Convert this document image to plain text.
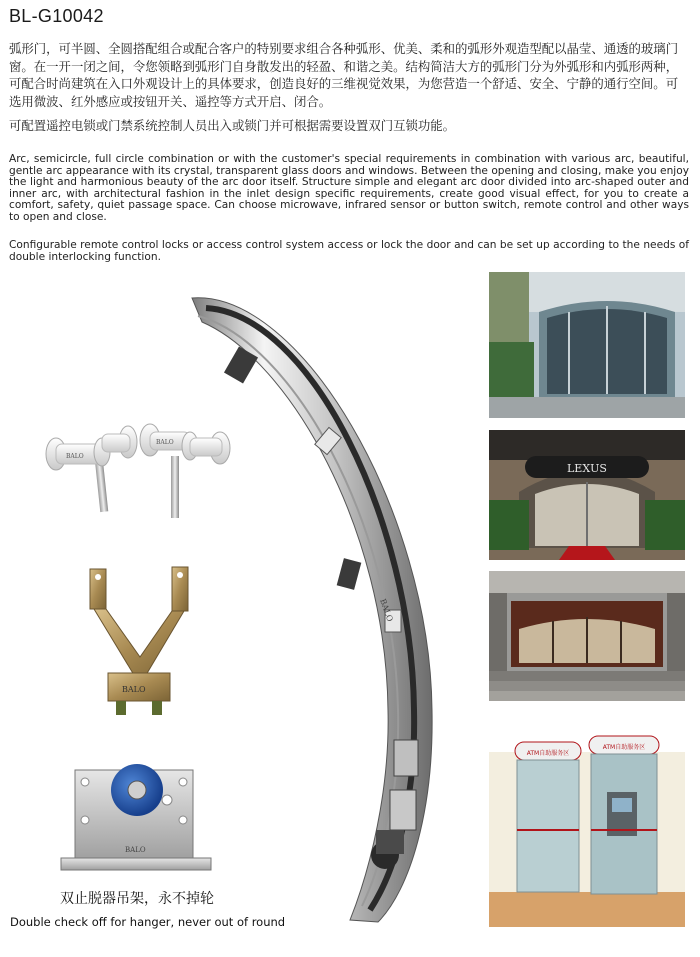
BL-G10042
弧形门，可半圆、全圆搭配组合或配合客户的特别要求组合各种弧形、优美、柔和的弧形外观造型配以晶莹、通透的玻璃门窗。在一开一闭之间，令您领略到弧形门自身散发出的轻盈、和谐之美。结构简洁大方的弧形门分为外弧形和内弧形两种，可配合时尚建筑在入口外观设计上的具体要求，创造良好的三维视觉效果，为您营造一个舒适、安全、宁静的通行空间。可选用微波、红外感应或按钮开关、遥控等方式开启、闭合。
可配置遥控电锁或门禁系统控制人员出入或锁门并可根据需要设置双门互锁功能。
Arc, semicircle, full circle combination or with the customer's special requirements in combination with various arc, beautiful, gentle arc appearance with its crystal, transparent glass doors and windows. Between the opening and closing, make you enjoy the light and harmonious beauty of the arc door itself. Structure simple and elegant arc door divided into arc-shaped outer and inner arc, with architectural fashion in the inlet design specific requirements, create good visual effect, for you to create a comfort, safety, quiet passage space. Can choose microwave, infrared sensor or button switch, remote control and other ways to open and close.
Configurable remote control locks or access control system access or lock the door and can be set up according to the needs of double interlocking function.
BALO
BALO
BALO
BALO
双止脱器吊架，永不掉轮
Double check off for hanger, never out of round
BALO
LEXUS
ATM自助服务区
ATM自助服务区
